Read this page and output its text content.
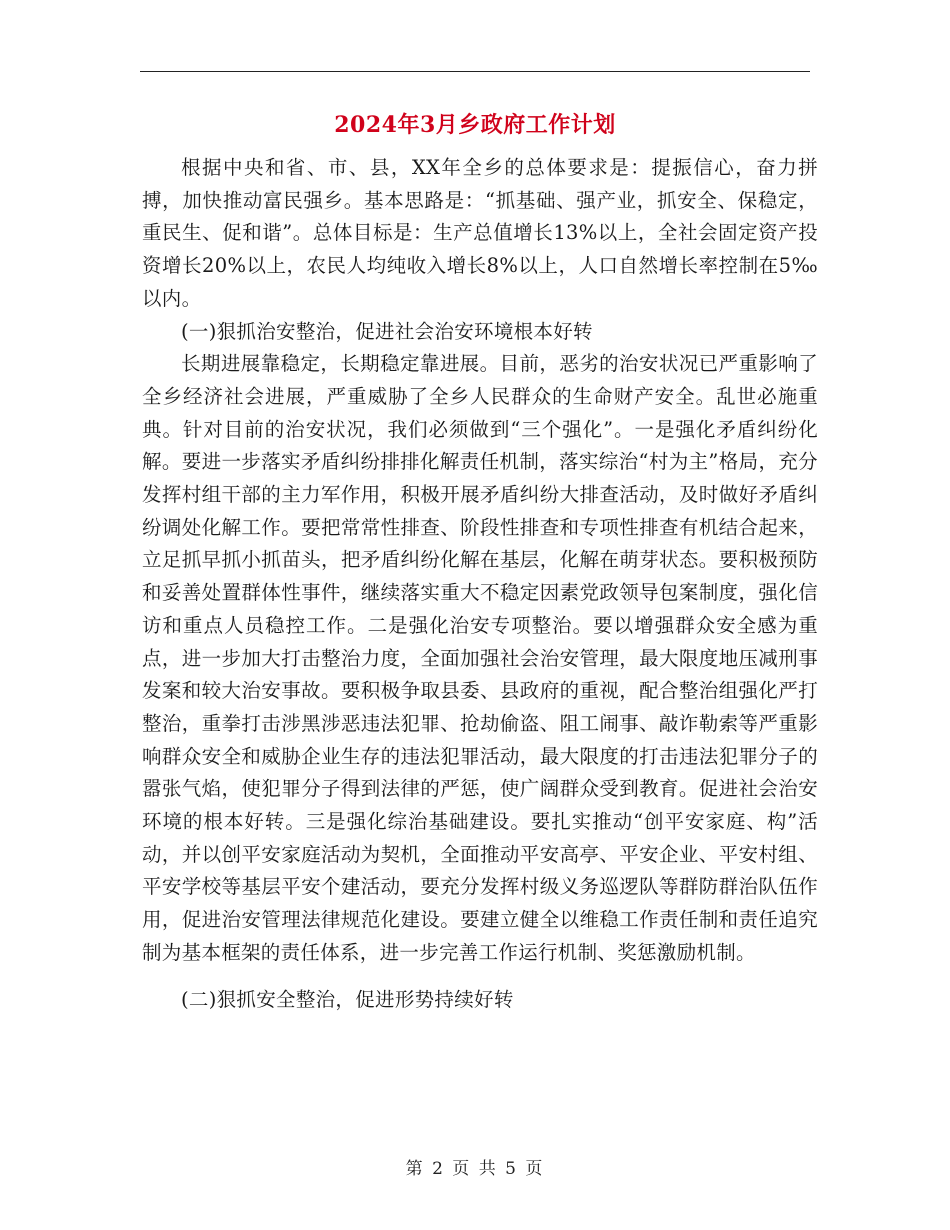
2024年3月乡政府工作计划

根据中央和省、市、县，XX年全乡的总体要求是：提振信心，奋力拼搏，加快推动富民强乡。基本思路是：“抓基础、强产业，抓安全、保稳定，重民生、促和谐”。总体目标是：生产总值增长13%以上，全社会固定资产投资增长20%以上，农民人均纯收入增长8%以上，人口自然增长率控制在5‰以内。

(一)狠抓治安整治，促进社会治安环境根本好转

长期进展靠稳定，长期稳定靠进展。目前，恶劣的治安状况已严重影响了全乡经济社会进展，严重威胁了全乡人民群众的生命财产安全。乱世必施重典。针对目前的治安状况，我们必须做到“三个强化”。一是强化矛盾纠纷化解。要进一步落实矛盾纠纷排排化解责任机制，落实综治“村为主”格局，充分发挥村组干部的主力军作用，积极开展矛盾纠纷大排查活动，及时做好矛盾纠纷调处化解工作。要把常常性排查、阶段性排查和专项性排查有机结合起来，立足抓早抓小抓苗头，把矛盾纠纷化解在基层，化解在萌芽状态。要积极预防和妥善处置群体性事件，继续落实重大不稳定因素党政领导包案制度，强化信访和重点人员稳控工作。二是强化治安专项整治。要以增强群众安全感为重点，进一步加大打击整治力度，全面加强社会治安管理，最大限度地压减刑事发案和较大治安事故。要积极争取县委、县政府的重视，配合整治组强化严打整治，重拳打击涉黑涉恶违法犯罪、抢劫偷盗、阻工闹事、敲诈勒索等严重影响群众安全和威胁企业生存的违法犯罪活动，最大限度的打击违法犯罪分子的嚣张气焰，使犯罪分子得到法律的严惩，使广阔群众受到教育。促进社会治安环境的根本好转。三是强化综治基础建设。要扎实推动“创平安家庭、构”活动，并以创平安家庭活动为契机，全面推动平安高亭、平安企业、平安村组、平安学校等基层平安个建活动，要充分发挥村级义务巡逻队等群防群治队伍作用，促进治安管理法律规范化建设。要建立健全以维稳工作责任制和责任追究制为基本框架的责任体系，进一步完善工作运行机制、奖惩激励机制。

(二)狠抓安全整治，促进形势持续好转

第 2 页 共 5 页
